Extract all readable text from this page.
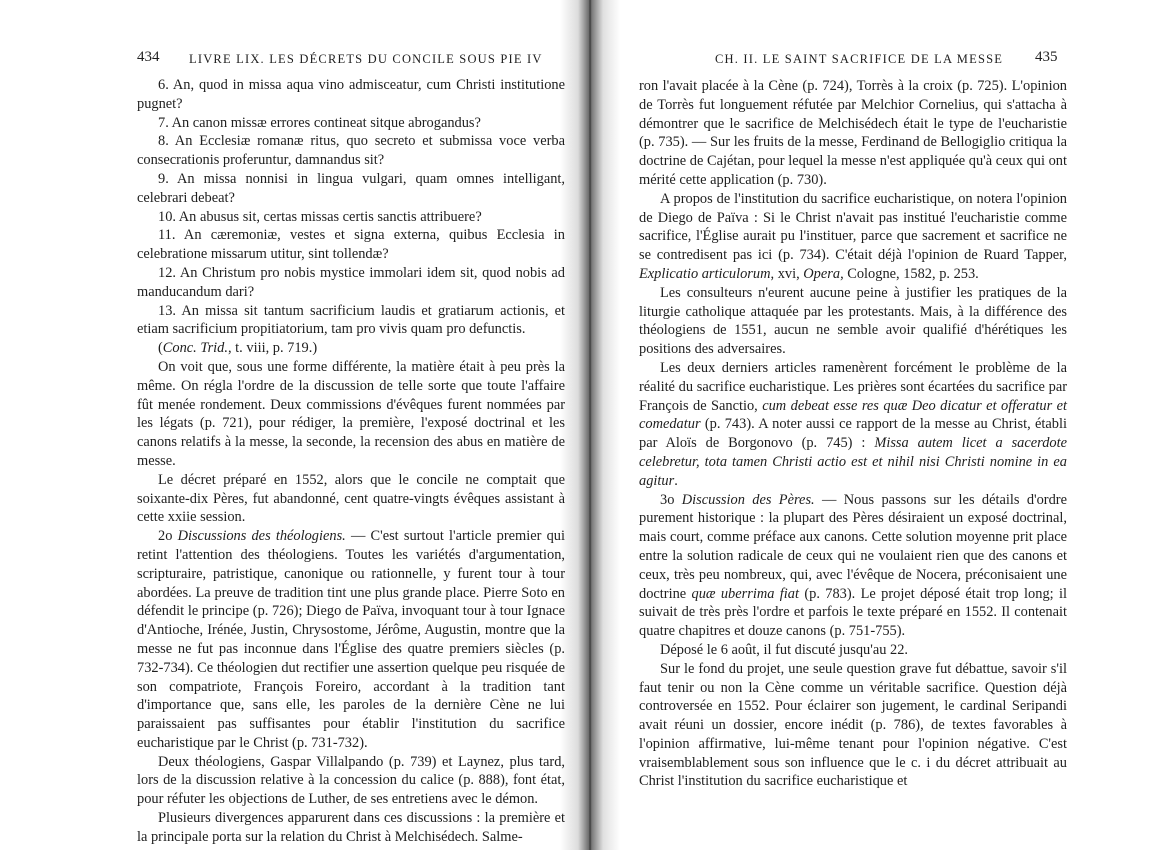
434 LIVRE LIX. LES DÉCRETS DU CONCILE SOUS PIE IV

6. An, quod in missa aqua vino admisceatur, cum Christi institutione pugnet?

7. An canon missæ errores contineat sitque abrogandus?

8. An Ecclesiæ romanæ ritus, quo secreto et submissa voce verba consecrationis proferuntur, damnandus sit?

9. An missa nonnisi in lingua vulgari, quam omnes intelligant, celebrari debeat?

10. An abusus sit, certas missas certis sanctis attribuere?

11. An cæremoniæ, vestes et signa externa, quibus Ecclesia in celebratione missarum utitur, sint tollendæ?

12. An Christum pro nobis mystice immolari idem sit, quod nobis ad manducandum dari?

13. An missa sit tantum sacrificium laudis et gratiarum actionis, et etiam sacrificium propitiatorium, tam pro vivis quam pro defunctis.

(Conc. Trid., t. viii, p. 719.)

On voit que, sous une forme différente, la matière était à peu près la même. On régla l'ordre de la discussion de telle sorte que toute l'affaire fût menée rondement. Deux commissions d'évêques furent nommées par les légats (p. 721), pour rédiger, la première, l'exposé doctrinal et les canons relatifs à la messe, la seconde, la recension des abus en matière de messe.

Le décret préparé en 1552, alors que le concile ne comptait que soixante-dix Pères, fut abandonné, cent quatre-vingts évêques assistant à cette xxiie session.

2o Discussions des théologiens. — C'est surtout l'article premier qui retint l'attention des théologiens. Toutes les variétés d'argumentation, scripturaire, patristique, canonique ou rationnelle, y furent tour à tour abordées. La preuve de tradition tint une plus grande place. Pierre Soto en défendit le principe (p. 726); Diego de Païva, invoquant tour à tour Ignace d'Antioche, Irénée, Justin, Chrysostome, Jérôme, Augustin, montre que la messe ne fut pas inconnue dans l'Église des quatre premiers siècles (p. 732-734). Ce théologien dut rectifier une assertion quelque peu risquée de son compatriote, François Foreiro, accordant à la tradition tant d'importance que, sans elle, les paroles de la dernière Cène ne lui paraissaient pas suffisantes pour établir l'institution du sacrifice eucharistique par le Christ (p. 731-732).

Deux théologiens, Gaspar Villalpando (p. 739) et Laynez, plus tard, lors de la discussion relative à la concession du calice (p. 888), font état, pour réfuter les objections de Luther, de ses entretiens avec le démon.

Plusieurs divergences apparurent dans ces discussions : la première et la principale porta sur la relation du Christ à Melchisédech. Salme-

CH. II. LE SAINT SACRIFICE DE LA MESSE 435

ron l'avait placée à la Cène (p. 724), Torrès à la croix (p. 725). L'opinion de Torrès fut longuement réfutée par Melchior Cornelius, qui s'attacha à démontrer que le sacrifice de Melchisédech était le type de l'eucharistie (p. 735). — Sur les fruits de la messe, Ferdinand de Bellogiglio critiqua la doctrine de Cajétan, pour lequel la messe n'est appliquée qu'à ceux qui ont mérité cette application (p. 730).

A propos de l'institution du sacrifice eucharistique, on notera l'opinion de Diego de Païva : Si le Christ n'avait pas institué l'eucharistie comme sacrifice, l'Église aurait pu l'instituer, parce que sacrement et sacrifice ne se contredisent pas ici (p. 734). C'était déjà l'opinion de Ruard Tapper, Explicatio articulorum, xvi, Opera, Cologne, 1582, p. 253.

Les consulteurs n'eurent aucune peine à justifier les pratiques de la liturgie catholique attaquée par les protestants. Mais, à la différence des théologiens de 1551, aucun ne semble avoir qualifié d'hérétiques les positions des adversaires.

Les deux derniers articles ramenèrent forcément le problème de la réalité du sacrifice eucharistique. Les prières sont écartées du sacrifice par François de Sanctio, cum debeat esse res quæ Deo dicatur et offeratur et comedatur (p. 743). A noter aussi ce rapport de la messe au Christ, établi par Aloïs de Borgonovo (p. 745) : Missa autem licet a sacerdote celebretur, tota tamen Christi actio est et nihil nisi Christi nomine in ea agitur.

3o Discussion des Pères. — Nous passons sur les détails d'ordre purement historique : la plupart des Pères désiraient un exposé doctrinal, mais court, comme préface aux canons. Cette solution moyenne prit place entre la solution radicale de ceux qui ne voulaient rien que des canons et ceux, très peu nombreux, qui, avec l'évêque de Nocera, préconisaient une doctrine quæ uberrima fiat (p. 783). Le projet déposé était trop long; il suivait de très près l'ordre et parfois le texte préparé en 1552. Il contenait quatre chapitres et douze canons (p. 751-755).

Déposé le 6 août, il fut discuté jusqu'au 22.

Sur le fond du projet, une seule question grave fut débattue, savoir s'il faut tenir ou non la Cène comme un véritable sacrifice. Question déjà controversée en 1552. Pour éclairer son jugement, le cardinal Seripandi avait réuni un dossier, encore inédit (p. 786), de textes favorables à l'opinion affirmative, lui-même tenant pour l'opinion négative. C'est vraisemblablement sous son influence que le c. i du décret attribuait au Christ l'institution du sacrifice eucharistique et
